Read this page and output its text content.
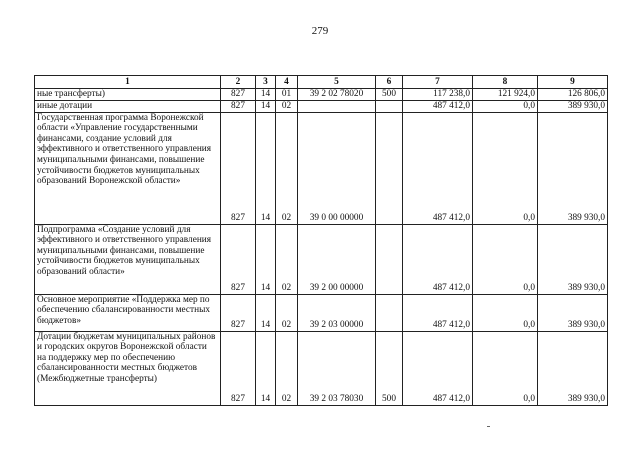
279
1	2	3	4	5	6	7	8	9
ные трансферты)	827	14	01	39 2 02 78020	500	117 238,0	121 924,0	126 806,0
иные дотации	827	14	02			487 412,0	0,0	389 930,0
Государственная программа Воронежской области «Управление государственными финансами, создание условий для эффективного и ответственного управления муниципальными финансами, повышение устойчивости бюджетов муниципальных образований Воронежской области»	827	14	02	39 0 00 00000		487 412,0	0,0	389 930,0
Подпрограмма «Создание условий для эффективного и ответственного управления муниципальными финансами, повышение устойчивости бюджетов муниципальных образований области»	827	14	02	39 2 00 00000		487 412,0	0,0	389 930,0
Основное мероприятие «Поддержка мер по обеспечению сбалансированности местных бюджетов»	827	14	02	39 2 03 00000		487 412,0	0,0	389 930,0
Дотации бюджетам муниципальных районов и городских округов Воронежской области на поддержку мер по обеспечению сбалансированности местных бюджетов (Межбюджетные трансферты)	827	14	02	39 2 03 78030	500	487 412,0	0,0	389 930,0
